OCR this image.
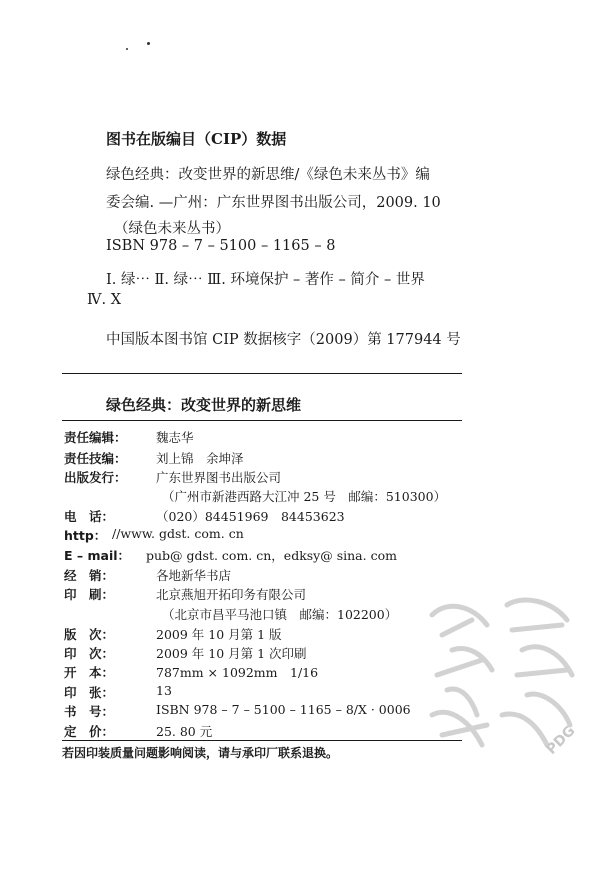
图书在版编目（CIP）数据
绿色经典：改变世界的新思维/《绿色未来丛书》编
委会编. —广州：广东世界图书出版公司，2009. 10
（绿色未来丛书）
ISBN 978 – 7 – 5100 – 1165 – 8
Ⅰ. 绿⋯ Ⅱ. 绿⋯ Ⅲ. 环境保护 – 著作 – 简介 – 世界
Ⅳ. X
中国版本图书馆 CIP 数据核字（2009）第 177944 号
绿色经典：改变世界的新思维
责任编辑： 魏志华
责任技编： 刘上锦　余坤泽
出版发行： 广东世界图书出版公司
（广州市新港西路大江冲 25 号　邮编：510300）
电　话：	（020）84451969　84453623
http： //www. gdst. com. cn
E – mail： pub@ gdst. com. cn，edksy@ sina. com
经　销：	各地新华书店
印　刷：	北京燕旭开拓印务有限公司
（北京市昌平马池口镇　邮编：102200）
版　次：	2009 年 10 月第 1 版
印　次：	2009 年 10 月第 1 次印刷
开　本：	787mm × 1092mm　1/16
印　张：	13
书　号：	ISBN 978 – 7 – 5100 – 1165 – 8/X · 0006
定　价：	25. 80 元
若因印装质量问题影响阅读，请与承印厂联系退换。	PDG
